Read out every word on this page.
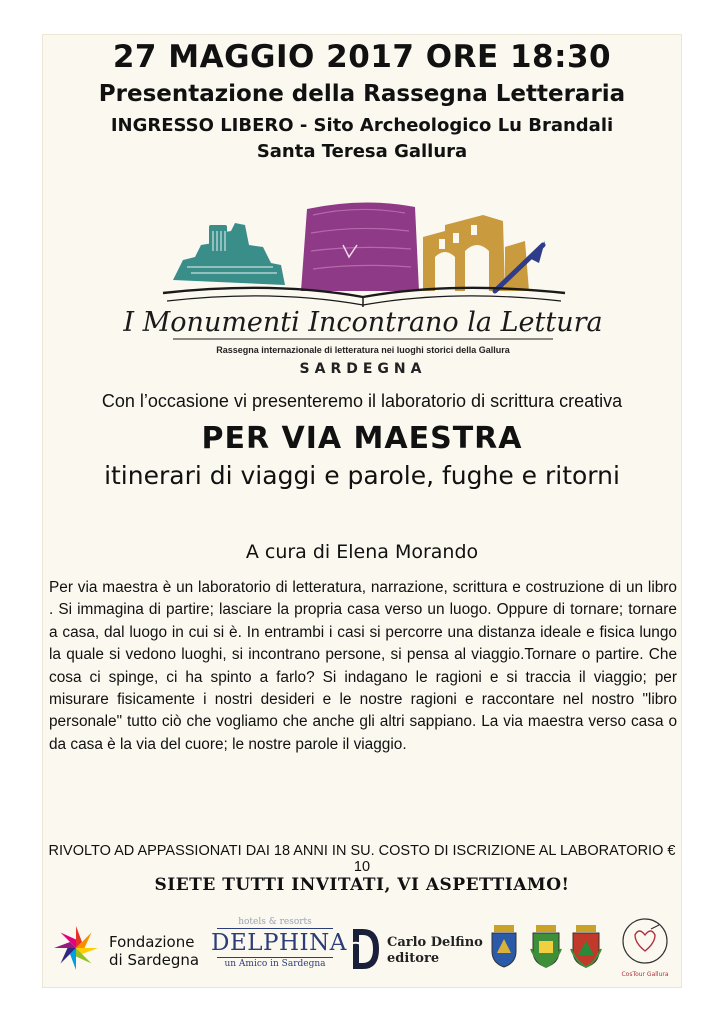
27 MAGGIO 2017 ORE 18:30
Presentazione della Rassegna Letteraria
INGRESSO LIBERO - Sito Archeologico Lu Brandali
Santa Teresa Gallura
I Monumenti Incontrano la Lettura
Rassegna internazionale di letteratura nei luoghi storici della Gallura
SARDEGNA
Con l’occasione vi presenteremo il laboratorio di scrittura creativa
PER VIA MAESTRA
itinerari di viaggi e parole, fughe e ritorni
A cura di Elena Morando
Per via maestra è un laboratorio di letteratura, narrazione, scrittura e costruzione di un libro . Si immagina di partire; lasciare la propria casa verso un luogo. Oppure di tornare; tornare a casa, dal luogo in cui si è. In entrambi i casi si percorre una distanza ideale e fisica lungo la quale si vedono luoghi, si incontrano persone, si pensa al viaggio.Tornare o partire. Che cosa ci spinge, ci ha spinto a farlo? Si indagano le ragioni e si traccia il viaggio; per misurare fisicamente i nostri desideri e le nostre ragioni e raccontare nel nostro "libro personale" tutto ciò che vogliamo che anche gli altri sappiano. La via maestra verso casa o da casa è la via del cuore; le nostre parole il viaggio.
RIVOLTO AD APPASSIONATI DAI 18 ANNI IN SU. COSTO DI ISCRIZIONE AL LABORATORIO € 10
SIETE TUTTI INVITATI, VI ASPETTIAMO!
Fondazione
di Sardegna
hotels & resorts
DELPHINA
un Amico in Sardegna
Carlo Delfino
editore
CosTour Gallura
